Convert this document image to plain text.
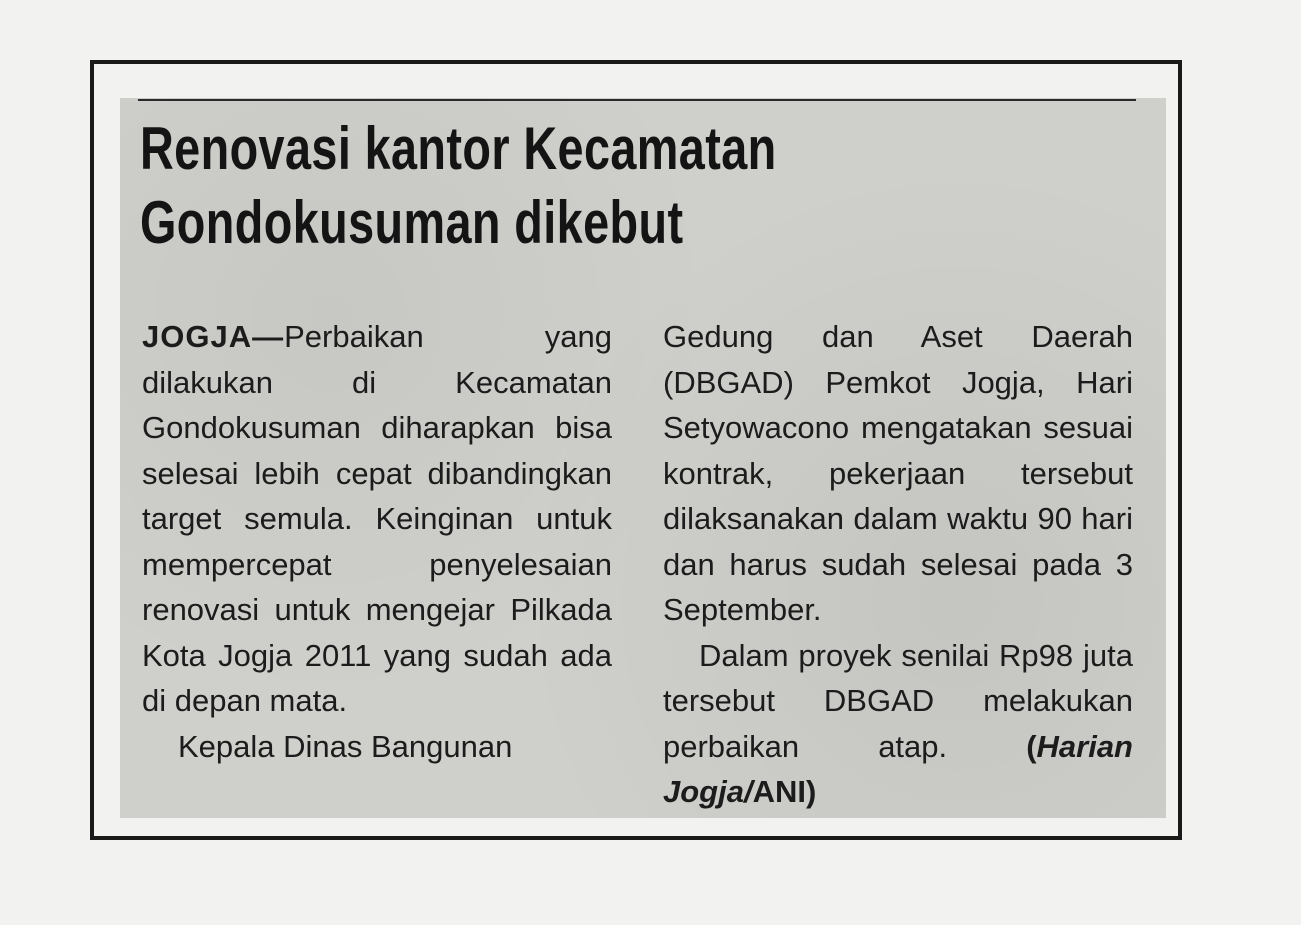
Renovasi kantor Kecamatan Gondokusuman dikebut

JOGJA—Perbaikan yang dilakukan di Kecamatan Gondokusuman diharapkan bisa selesai lebih cepat dibandingkan target semula. Keinginan untuk mempercepat penyelesaian renovasi untuk mengejar Pilkada Kota Jogja 2011 yang sudah ada di depan mata.

Kepala Dinas Bangunan

Gedung dan Aset Daerah (DBGAD) Pemkot Jogja, Hari Setyowacono mengatakan sesuai kontrak, pekerjaan tersebut dilaksanakan dalam waktu 90 hari dan harus sudah selesai pada 3 September.

Dalam proyek senilai Rp98 juta tersebut DBGAD melakukan perbaikan atap.	(Harian Jogja/ANI)
